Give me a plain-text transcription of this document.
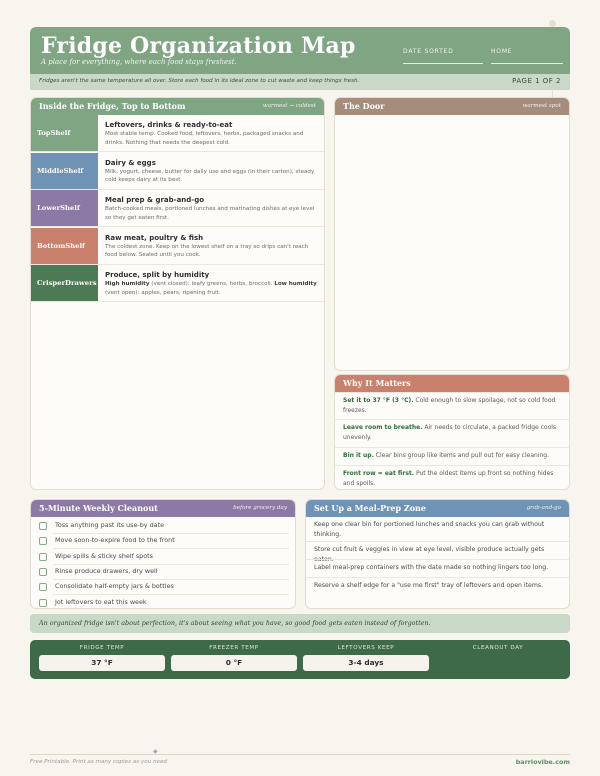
Fridge Organization Map
A place for everything, where each food stays freshest.
DATE SORTED	HOME
Fridges aren't the same temperature all over. Store each food in its ideal zone to cut waste and keep things fresh.	PAGE 1 OF 2
Inside the Fridge, Top to Bottom	warmest → coldest
TopShelf
Leftovers, drinks & ready-to-eat
Most stable temp. Cooked food, leftovers, herbs, packaged snacks and drinks. Nothing that needs the deepest cold.
MiddleShelf
Dairy & eggs
Milk, yogurt, cheese, butter for daily use and eggs (in their carton), steady cold keeps dairy at its best.
LowerShelf
Meal prep & grab-and-go
Batch-cooked meals, portioned lunches and marinating dishes at eye level so they get eaten first.
BottomShelf
Raw meat, poultry & fish
The coldest zone. Keep on the lowest shelf on a tray so drips can't reach food below. Sealed until you cook.
CrisperDrawers
Produce, split by humidity
High humidity (vent closed): leafy greens, herbs, broccoli. Low humidity (vent open): apples, pears, ripening fruit.
The Door	warmest spot
Why It Matters
Set it to 37 °F (3 °C). Cold enough to slow spoilage, not so cold food freezes.
Leave room to breathe. Air needs to circulate, a packed fridge cools unevenly.
Bin it up. Clear bins group like items and pull out for easy cleaning.
Front row = eat first. Put the oldest items up front so nothing hides and spoils.
5-Minute Weekly Cleanout	before grocery day
Toss anything past its use-by date
Move soon-to-expire food to the front
Wipe spills & sticky shelf spots
Rinse produce drawers, dry well
Consolidate half-empty jars & bottles
Jot leftovers to eat this week
Set Up a Meal-Prep Zone	grab-and-go
Keep one clear bin for portioned lunches and snacks you can grab without thinking.
Store cut fruit & veggies in view at eye level, visible produce actually gets eaten.
Label meal-prep containers with the date made so nothing lingers too long.
Reserve a shelf edge for a "use me first" tray of leftovers and open items.
An organized fridge isn't about perfection, it's about seeing what you have, so good food gets eaten instead of forgotten.
FRIDGE TEMP
37 °F
FREEZER TEMP
0 °F
LEFTOVERS KEEP
3-4 days
CLEANOUT DAY
◆
Free Printable. Print as many copies as you need	barriovibe.com
